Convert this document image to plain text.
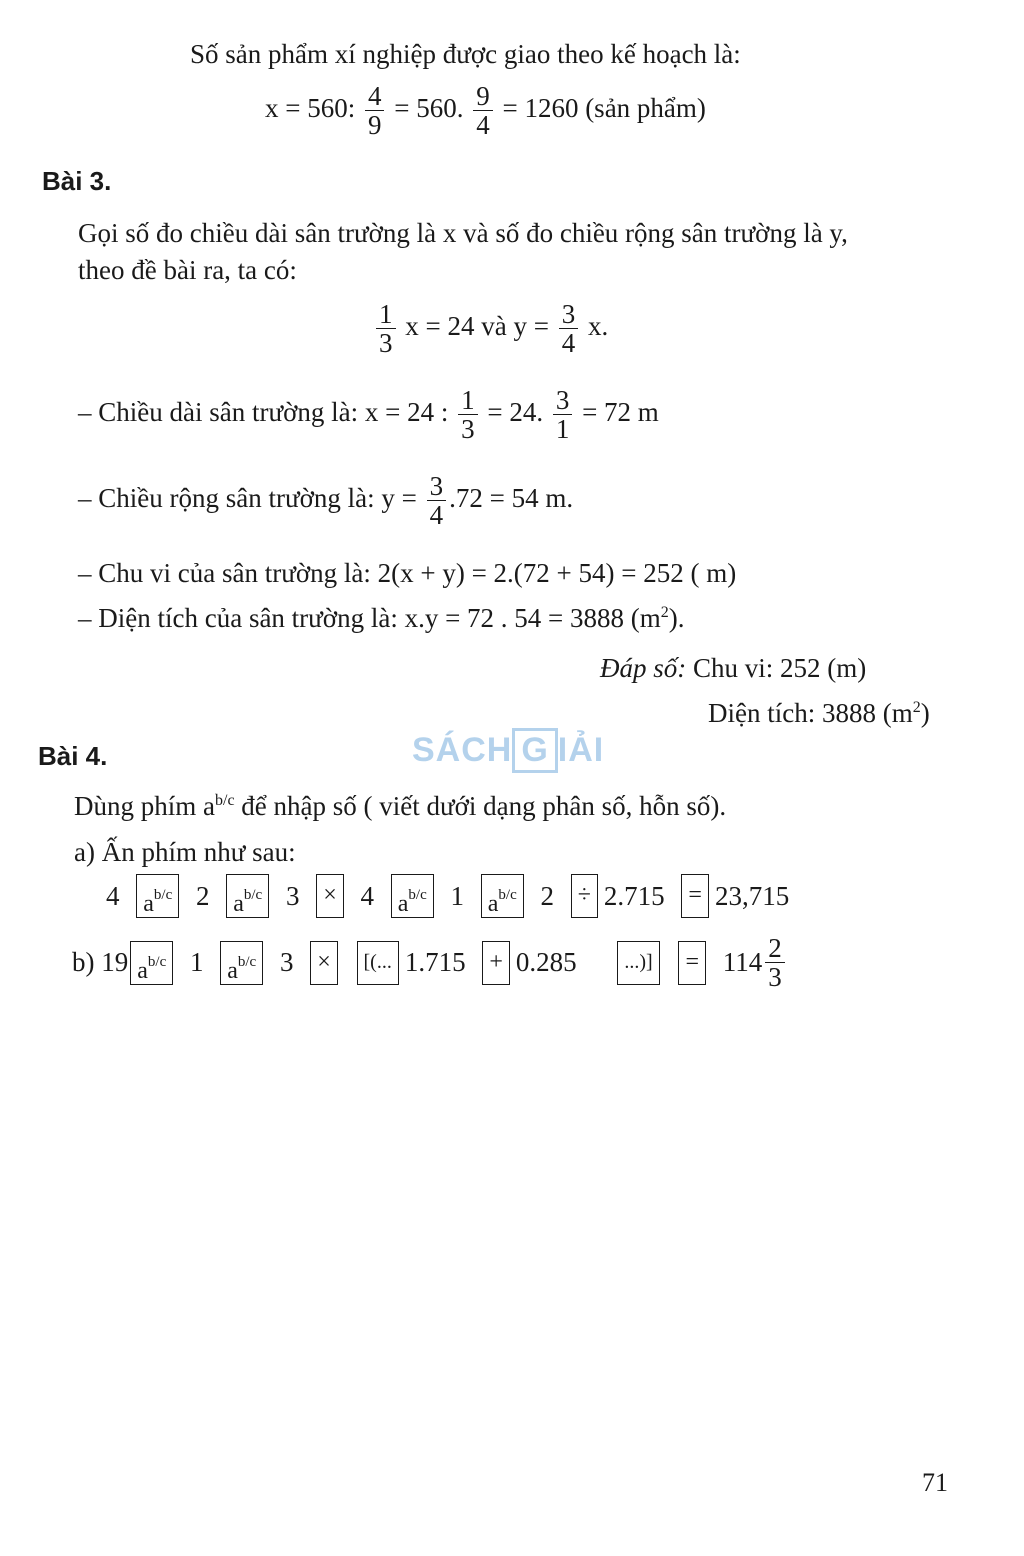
Số sản phẩm xí nghiệp được giao theo kế hoạch là:
x = 560: $\frac{4}{9} = 560$. $\frac{9}{4} = 1260$ (sản phẩm)
Bài 3.
Gọi số đo chiều dài sân trường là x và số đo chiều rộng sân trường là y,
theo đề bài ra, ta có:
$\frac{1}{3}$ x = 24 và $y = \frac{3}{4} x$.
– Chiều dài sân trường là: x = 24 : $\frac{1}{3} = 24$. $\frac{3}{1} = 72$ m
– Chiều rộng sân trường là: $y = \frac{3}{4} .72 = 54$ m.
– Chu vi của sân trường là: 2(x + y) = 2.(72 + 54) = 252 ( m)
– Diện tích của sân trường là: x.y = 72 . 54 = 3888 $(m^2)$.
Đáp số: Chu vi: 252 (m)
Diện tích: 3888 $(m^2)$
SÁCH G IẢI
Bài 4.
Dùng phím $a^{b/c}$ để nhập số ( viết dưới dạng phân số, hỗn số).
a) Ấn phím như sau:
4 $a^{b/c}$ 2 $a^{b/c}$ 3 × 4 $a^{b/c}$ 1 $a^{b/c}$ 2 ÷ 2.715 = 23,715
b) 19 $a^{b/c}$ 1 $a^{b/c}$ 3 × [(... 1.715 + 0.285 ...)] = $114 \frac{2}{3}$
71
